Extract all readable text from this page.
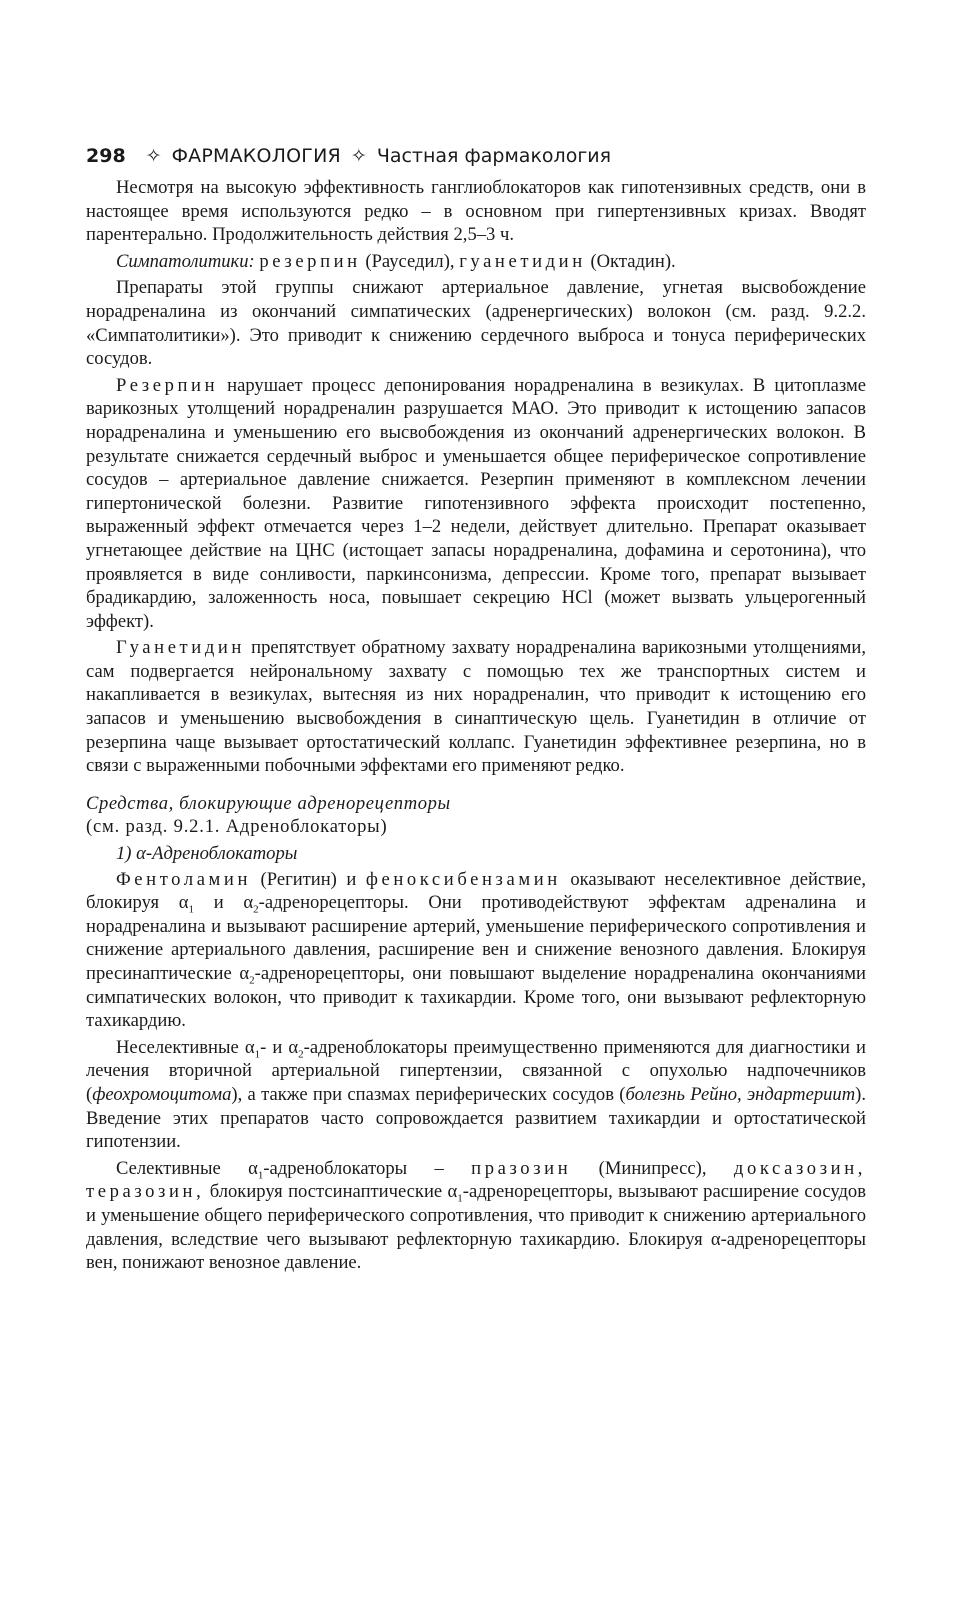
298 ✧ ФАРМАКОЛОГИЯ ✧ Частная фармакология

Несмотря на высокую эффективность ганглиоблокаторов как гипотензивных средств, они в настоящее время используются редко – в основном при гипертензивных кризах. Вводят парентерально. Продолжительность действия 2,5–3 ч.

Симпатолитики: резерпин (Рауседил), гуанетидин (Октадин).

Препараты этой группы снижают артериальное давление, угнетая высвобождение норадреналина из окончаний симпатических (адренергических) волокон (см. разд. 9.2.2. «Симпатолитики»). Это приводит к снижению сердечного выброса и тонуса периферических сосудов.

Резерпин нарушает процесс депонирования норадреналина в везикулах. В цитоплазме варикозных утолщений норадреналин разрушается МАО. Это приводит к истощению запасов норадреналина и уменьшению его высвобождения из окончаний адренергических волокон. В результате снижается сердечный выброс и уменьшается общее периферическое сопротивление сосудов – артериальное давление снижается. Резерпин применяют в комплексном лечении гипертонической болезни. Развитие гипотензивного эффекта происходит постепенно, выраженный эффект отмечается через 1–2 недели, действует длительно. Препарат оказывает угнетающее действие на ЦНС (истощает запасы норадреналина, дофамина и серотонина), что проявляется в виде сонливости, паркинсонизма, депрессии. Кроме того, препарат вызывает брадикардию, заложенность носа, повышает секрецию HCl (может вызвать ульцерогенный эффект).

Гуанетидин препятствует обратному захвату норадреналина варикозными утолщениями, сам подвергается нейрональному захвату с помощью тех же транспортных систем и накапливается в везикулах, вытесняя из них норадреналин, что приводит к истощению его запасов и уменьшению высвобождения в синаптическую щель. Гуанетидин в отличие от резерпина чаще вызывает ортостатический коллапс. Гуанетидин эффективнее резерпина, но в связи с выраженными побочными эффектами его применяют редко.

Средства, блокирующие адренорецепторы
(см. разд. 9.2.1. Адреноблокаторы)
1) α-Адреноблокаторы

Фентоламин (Регитин) и феноксибензамин оказывают неселективное действие, блокируя $\alpha_1$ и $\alpha_2$-адренорецепторы. Они противодействуют эффектам адреналина и норадреналина и вызывают расширение артерий, уменьшение периферического сопротивления и снижение артериального давления, расширение вен и снижение венозного давления. Блокируя пресинаптические $\alpha_2$-адренорецепторы, они повышают выделение норадреналина окончаниями симпатических волокон, что приводит к тахикардии. Кроме того, они вызывают рефлекторную тахикардию.

Неселективные $\alpha_1-$ и $\alpha_2$-адреноблокаторы преимущественно применяются для диагностики и лечения вторичной артериальной гипертензии, связанной с опухолью надпочечников (феохромоцитома), а также при спазмах периферических сосудов (болезнь Рейно, эндартериит). Введение этих препаратов часто сопровождается развитием тахикардии и ортостатической гипотензии.

Селективные $\alpha_1$-адреноблокаторы – празозин (Минипресс), доксазозин, теразозин, блокируя постсинаптические $\alpha_1$-адренорецепторы, вызывают расширение сосудов и уменьшение общего периферического сопротивления, что приводит к снижению артериального давления, вследствие чего вызывают рефлекторную тахикардию. Блокируя α-адренорецепторы вен, понижают венозное давление.
